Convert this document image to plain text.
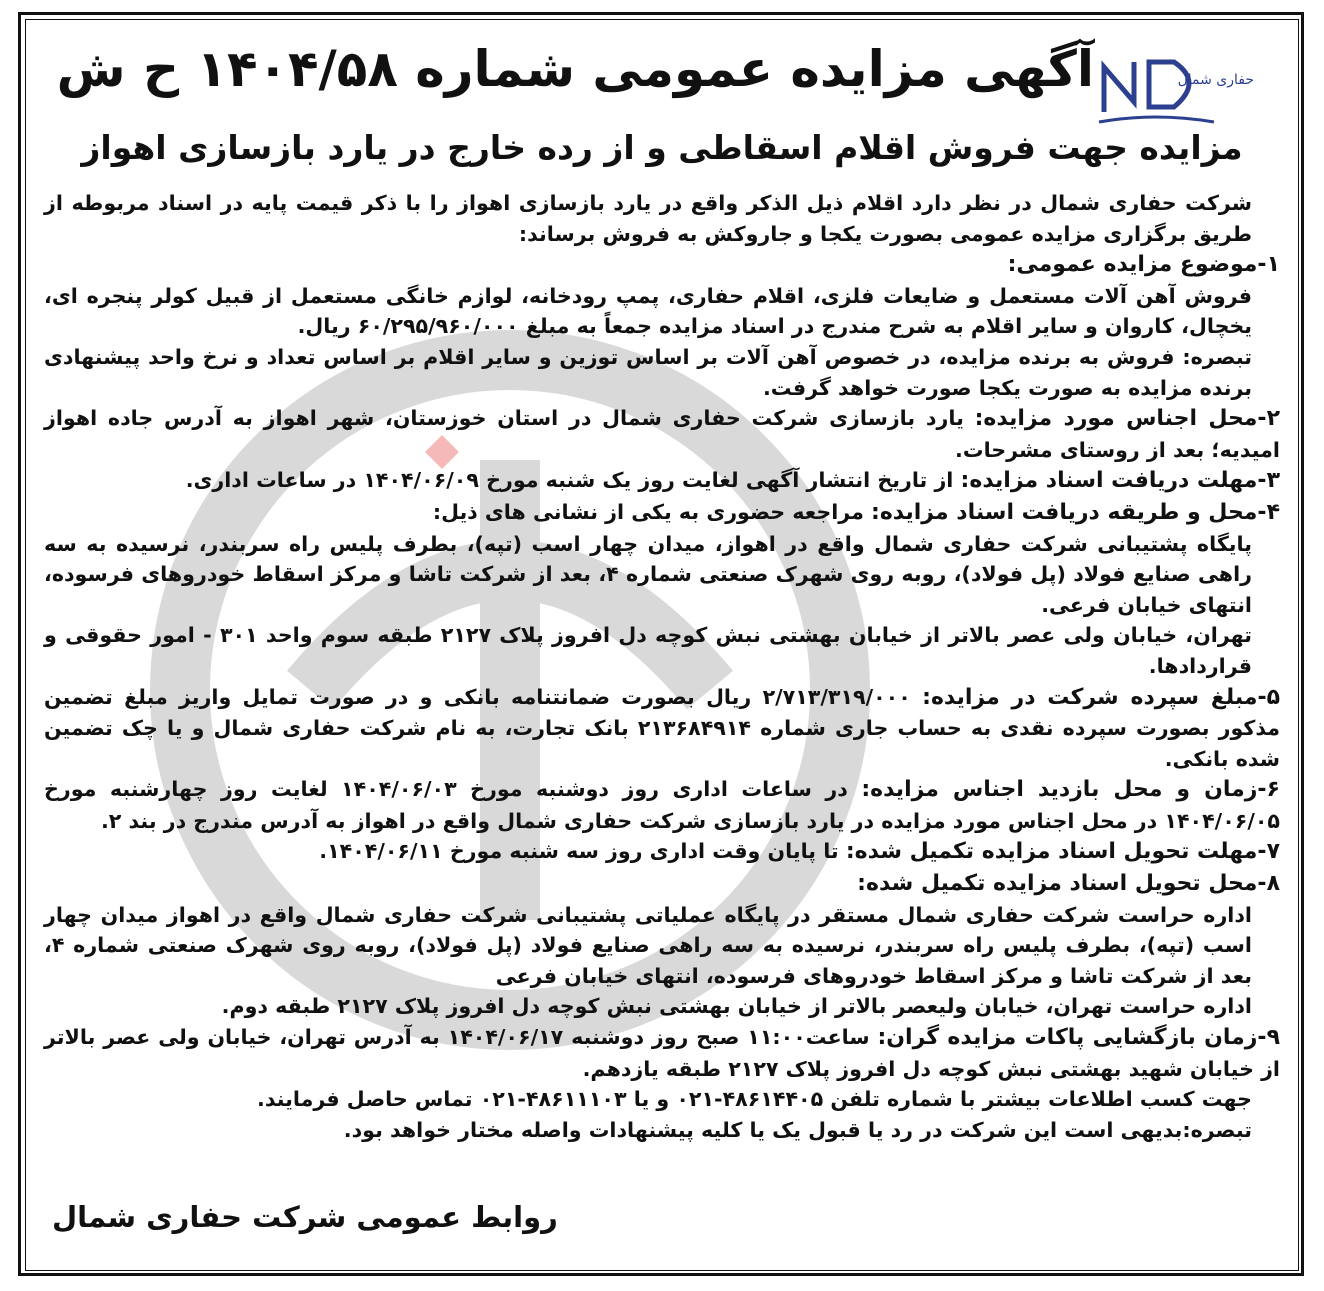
حفاری شمال
آگهی مزایده عمومی شماره ۱۴۰۴/۵۸ ح ش
مزایده جهت فروش اقلام اسقاطی و از رده خارج در یارد بازسازی اهواز

شرکت حفاری شمال در نظر دارد اقلام ذیل الذکر واقع در یارد بازسازی اهواز را با ذکر قیمت پایه در اسناد مربوطه از طریق برگزاری مزایده عمومی بصورت یکجا و جاروکش به فروش برساند:

۱-موضوع مزایده عمومی:

فروش آهن آلات مستعمل و ضایعات فلزی، اقلام حفاری، پمپ رودخانه، لوازم خانگی مستعمل از قبیل کولر پنجره ای، یخچال، کاروان و سایر اقلام به شرح مندرج در اسناد مزایده جمعاً به مبلغ ۶۰/۲۹۵/۹۶۰/۰۰۰ ریال.

تبصره: فروش به برنده مزایده، در خصوص آهن آلات بر اساس توزین و سایر اقلام بر اساس تعداد و نرخ واحد پیشنهادی برنده مزایده به صورت یکجا صورت خواهد گرفت.

۲-محل اجناس مورد مزایده: یارد بازسازی شرکت حفاری شمال در استان خوزستان، شهر اهواز به آدرس جاده اهواز امیدیه؛ بعد از روستای مشرحات.

۳-مهلت دریافت اسناد مزایده: از تاریخ انتشار آگهی لغایت روز یک شنبه مورخ ۱۴۰۴/۰۶/۰۹ در ساعات اداری.

۴-محل و طریقه دریافت اسناد مزایده: مراجعه حضوری به یکی از نشانی های ذیل:

پایگاه پشتیبانی شرکت حفاری شمال واقع در اهواز، میدان چهار اسب (تپه)، بطرف پلیس راه سربندر، نرسیده به سه راهی صنایع فولاد (پل فولاد)، روبه روی شهرک صنعتی شماره ۴، بعد از شرکت تاشا و مرکز اسقاط خودروهای فرسوده، انتهای خیابان فرعی.

تهران، خیابان ولی عصر بالاتر از خیابان بهشتی نبش کوچه دل افروز پلاک ۲۱۲۷ طبقه سوم واحد ۳۰۱ - امور حقوقی و قراردادها.

۵-مبلغ سپرده شرکت در مزایده: ۲/۷۱۳/۳۱۹/۰۰۰ ریال بصورت ضمانتنامه بانکی و در صورت تمایل واریز مبلغ تضمین مذکور بصورت سپرده نقدی به حساب جاری شماره ۲۱۳۶۸۴۹۱۴ بانک تجارت، به نام شرکت حفاری شمال و یا چک تضمین شده بانکی.

۶-زمان و محل بازدید اجناس مزایده: در ساعات اداری روز دوشنبه مورخ ۱۴۰۴/۰۶/۰۳ لغایت روز چهارشنبه مورخ ۱۴۰۴/۰۶/۰۵ در محل اجناس مورد مزایده در یارد بازسازی شرکت حفاری شمال واقع در اهواز به آدرس مندرج در بند ۲.

۷-مهلت تحویل اسناد مزایده تکمیل شده: تا پایان وقت اداری روز سه شنبه مورخ ۱۴۰۴/۰۶/۱۱.

۸-محل تحویل اسناد مزایده تکمیل شده:

اداره حراست شرکت حفاری شمال مستقر در پایگاه عملیاتی پشتیبانی شرکت حفاری شمال واقع در اهواز میدان چهار اسب (تپه)، بطرف پلیس راه سربندر، نرسیده به سه راهی صنایع فولاد (پل فولاد)، روبه روی شهرک صنعتی شماره ۴، بعد از شرکت تاشا و مرکز اسقاط خودروهای فرسوده، انتهای خیابان فرعی

اداره حراست تهران، خیابان ولیعصر بالاتر از خیابان بهشتی نبش کوچه دل افروز پلاک ۲۱۲۷ طبقه دوم.

۹-زمان بازگشایی پاکات مزایده گران: ساعت۱۱:۰۰ صبح روز دوشنبه ۱۴۰۴/۰۶/۱۷ به آدرس تهران، خیابان ولی عصر بالاتر از خیابان شهید بهشتی نبش کوچه دل افروز پلاک ۲۱۲۷ طبقه یازدهم.

جهت کسب اطلاعات بیشتر با شماره تلفن ۴۸۶۱۴۴۰۵-۰۲۱ و یا ۴۸۶۱۱۱۰۳-۰۲۱ تماس حاصل فرمایند.

تبصره:بدیهی است این شرکت در رد یا قبول یک یا کلیه پیشنهادات واصله مختار خواهد بود.

روابط عمومی شرکت حفاری شمال
